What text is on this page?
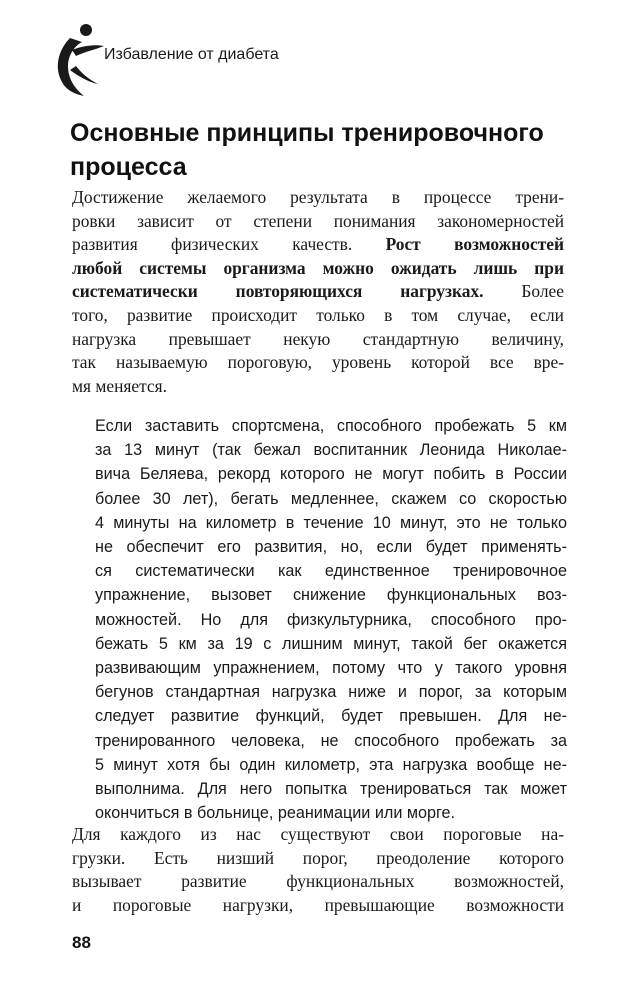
Избавление от диабета
Основные принципы тренировочного
процесса
Достижение желаемого результата в процессе трени-
ровки зависит от степени понимания закономерностей
развития физических качеств. Рост возможностей
любой системы организма можно ожидать лишь при
систематически повторяющихся нагрузках. Более
того, развитие происходит только в том случае, если
нагрузка превышает некую стандартную величину,
так называемую пороговую, уровень которой все вре-
мя меняется.
Если заставить спортсмена, способного пробежать 5 км
за 13 минут (так бежал воспитанник Леонида Николае-
вича Беляева, рекорд которого не могут побить в России
более 30 лет), бегать медленнее, скажем со скоростью
4 минуты на километр в течение 10 минут, это не только
не обеспечит его развития, но, если будет применять-
ся систематически как единственное тренировочное
упражнение, вызовет снижение функциональных воз-
можностей. Но для физкультурника, способного про-
бежать 5 км за 19 с лишним минут, такой бег окажется
развивающим упражнением, потому что у такого уровня
бегунов стандартная нагрузка ниже и порог, за которым
следует развитие функций, будет превышен. Для не-
тренированного человека, не способного пробежать за
5 минут хотя бы один километр, эта нагрузка вообще не-
выполнима. Для него попытка тренироваться так может
окончиться в больнице, реанимации или морге.
Для каждого из нас существуют свои пороговые на-
грузки. Есть низший порог, преодоление которого
вызывает развитие функциональных возможностей,
и пороговые нагрузки, превышающие возможности
88
